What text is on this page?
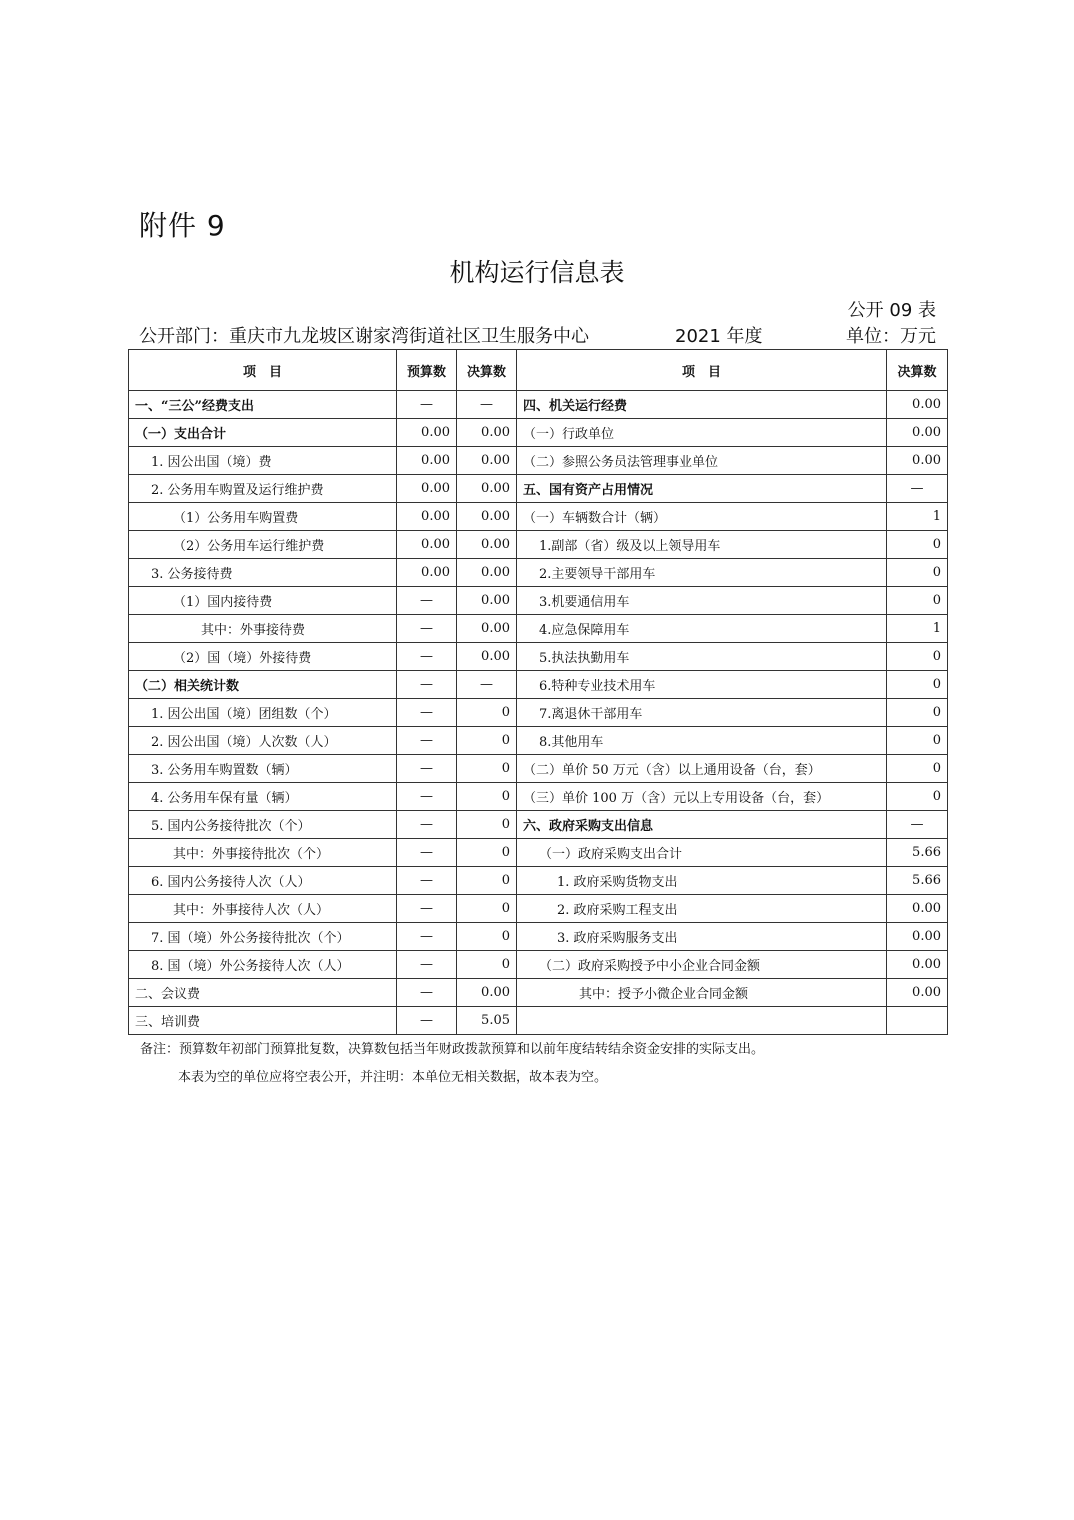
附件 9
机构运行信息表
公开 09 表
公开部门：重庆市九龙坡区谢家湾街道社区卫生服务中心	2021 年度	单位：万元
项　目	预算数	决算数	项　目	决算数
一、“三公”经费支出	—	—	四、机关运行经费	0.00
（一）支出合计	0.00	0.00	（一）行政单位	0.00
1. 因公出国（境）费	0.00	0.00	（二）参照公务员法管理事业单位	0.00
2. 公务用车购置及运行维护费	0.00	0.00	五、国有资产占用情况	—
（1）公务用车购置费	0.00	0.00	（一）车辆数合计（辆）	1
（2）公务用车运行维护费	0.00	0.00	1.副部（省）级及以上领导用车	0
3. 公务接待费	0.00	0.00	2.主要领导干部用车	0
（1）国内接待费	—	0.00	3.机要通信用车	0
其中：外事接待费	—	0.00	4.应急保障用车	1
（2）国（境）外接待费	—	0.00	5.执法执勤用车	0
（二）相关统计数	—	—	6.特种专业技术用车	0
1. 因公出国（境）团组数（个）	—	0	7.离退休干部用车	0
2. 因公出国（境）人次数（人）	—	0	8.其他用车	0
3. 公务用车购置数（辆）	—	0	（二）单价 50 万元（含）以上通用设备（台，套）	0
4. 公务用车保有量（辆）	—	0	（三）单价 100 万（含）元以上专用设备（台，套）	0
5. 国内公务接待批次（个）	—	0	六、政府采购支出信息	—
其中：外事接待批次（个）	—	0	（一）政府采购支出合计	5.66
6. 国内公务接待人次（人）	—	0	1. 政府采购货物支出	5.66
其中：外事接待人次（人）	—	0	2. 政府采购工程支出	0.00
7. 国（境）外公务接待批次（个）	—	0	3. 政府采购服务支出	0.00
8. 国（境）外公务接待人次（人）	—	0	（二）政府采购授予中小企业合同金额	0.00
二、会议费	—	0.00	其中：授予小微企业合同金额	0.00
三、培训费	—	5.05		
备注：预算数年初部门预算批复数，决算数包括当年财政拨款预算和以前年度结转结余资金安排的实际支出。
本表为空的单位应将空表公开，并注明：本单位无相关数据，故本表为空。
